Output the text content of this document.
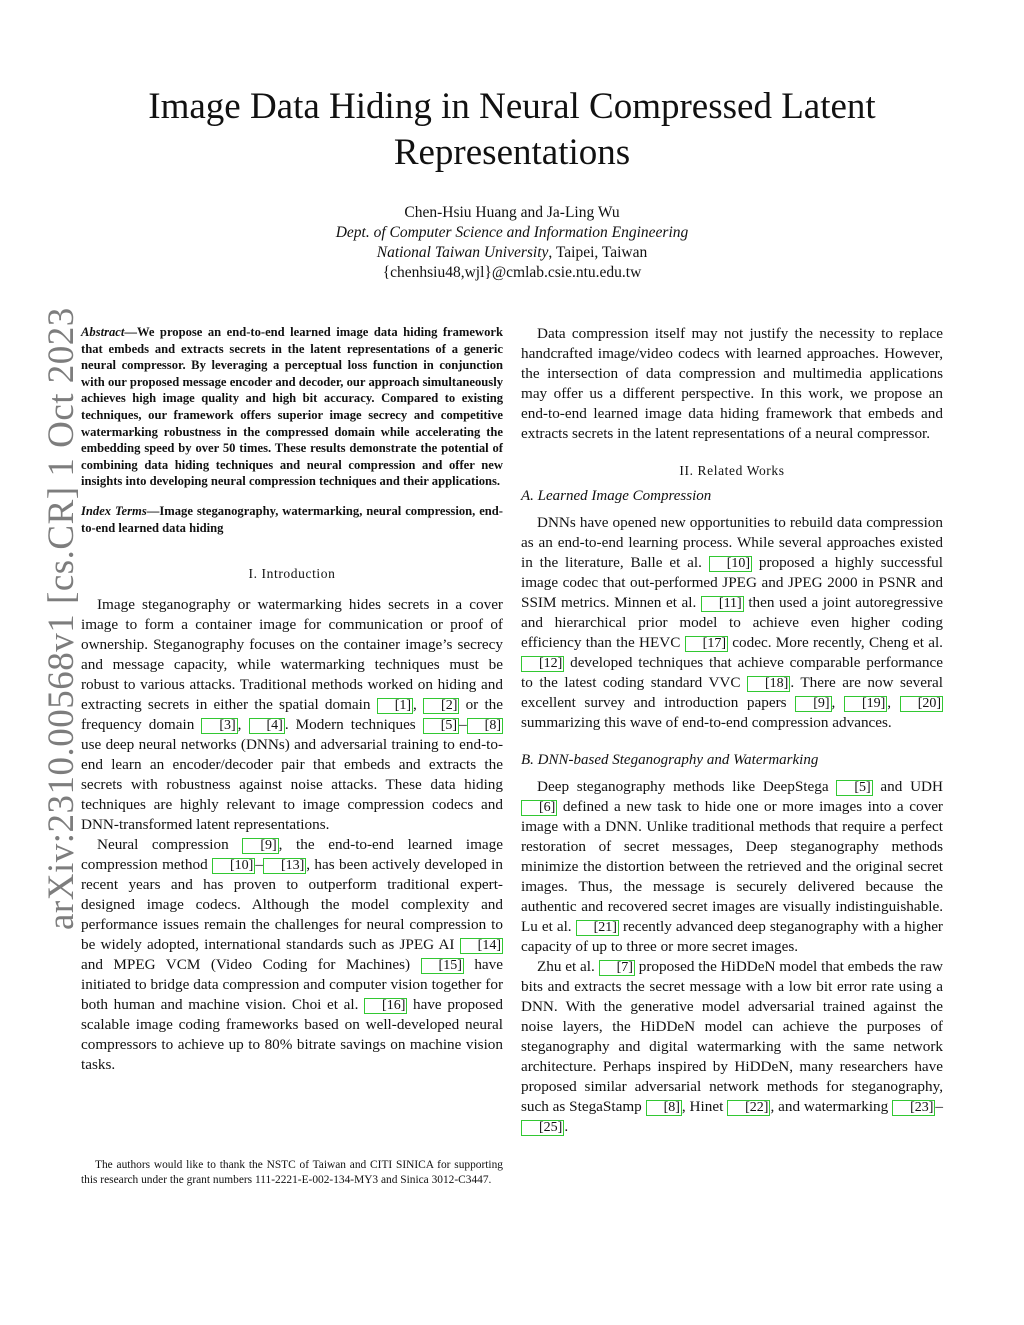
arXiv:2310.00568v1 [cs.CR] 1 Oct 2023
Image Data Hiding in Neural Compressed Latent
Representations
Chen-Hsiu Huang and Ja-Ling Wu
Dept. of Computer Science and Information Engineering
National Taiwan University, Taipei, Taiwan
{chenhsiu48,wjl}@cmlab.csie.ntu.edu.tw

Abstract—We propose an end-to-end learned image data hiding framework that embeds and extracts secrets in the latent representations of a generic neural compressor. By leveraging a perceptual loss function in conjunction with our proposed message encoder and decoder, our approach simultaneously achieves high image quality and high bit accuracy. Compared to existing techniques, our framework offers superior image secrecy and competitive watermarking robustness in the compressed domain while accelerating the embedding speed by over 50 times. These results demonstrate the potential of combining data hiding techniques and neural compression and offer new insights into developing neural compression techniques and their applications.

Index Terms—Image steganography, watermarking, neural compression, end-to-end learned data hiding

I. Introduction

Image steganography or watermarking hides secrets in a cover image to form a container image for communication or proof of ownership. Steganography focuses on the container image’s secrecy and message capacity, while watermarking techniques must be robust to various attacks. Traditional methods worked on hiding and extracting secrets in either the spatial domain [1] , [2] or the frequency domain [3] , [4] . Modern techniques [5] – [8] use deep neural networks (DNNs) and adversarial training to end-to-end learn an encoder/decoder pair that embeds and extracts the secrets with robustness against noise attacks. These data hiding techniques are highly relevant to image compression codecs and DNN-transformed latent representations.

Neural compression [9] , the end-to-end learned image compression method [10] – [13] , has been actively developed in recent years and has proven to outperform traditional expert-designed image codecs. Although the model complexity and performance issues remain the challenges for neural compression to be widely adopted, international standards such as JPEG AI [14] and MPEG VCM (Video Coding for Machines) [15] have initiated to bridge data compression and computer vision together for both human and machine vision. Choi et al. [16] have proposed scalable image coding frameworks based on well-developed neural compressors to achieve up to 80% bitrate savings on machine vision tasks.

The authors would like to thank the NSTC of Taiwan and CITI SINICA for supporting this research under the grant numbers 111-2221-E-002-134-MY3 and Sinica 3012-C3447.

Data compression itself may not justify the necessity to replace handcrafted image/video codecs with learned approaches. However, the intersection of data compression and multimedia applications may offer us a different perspective. In this work, we propose an end-to-end learned image data hiding framework that embeds and extracts secrets in the latent representations of a neural compressor.

II. Related Works

A. Learned Image Compression

DNNs have opened new opportunities to rebuild data compression as an end-to-end learning process. While several approaches existed in the literature, Balle et al. [10] proposed a highly successful image codec that out-performed JPEG and JPEG 2000 in PSNR and SSIM metrics. Minnen et al. [11] then used a joint autoregressive and hierarchical prior model to achieve even higher coding efficiency than the HEVC [17] codec. More recently, Cheng et al. [12] developed techniques that achieve comparable performance to the latest coding standard VVC [18] . There are now several excellent survey and introduction papers [9] , [19] , [20] summarizing this wave of end-to-end compression advances.

B. DNN-based Steganography and Watermarking

Deep steganography methods like DeepStega [5] and UDH [6] defined a new task to hide one or more images into a cover image with a DNN. Unlike traditional methods that require a perfect restoration of secret messages, Deep steganography methods minimize the distortion between the retrieved and the original secret images. Thus, the message is securely delivered because the authentic and recovered secret images are visually indistinguishable. Lu et al. [21] recently advanced deep steganography with a higher capacity of up to three or more secret images.

Zhu et al. [7] proposed the HiDDeN model that embeds the raw bits and extracts the secret message with a low bit error rate using a DNN. With the generative model adversarial trained against the noise layers, the HiDDeN model can achieve the purposes of steganography and digital watermarking with the same network architecture. Perhaps inspired by HiDDeN, many researchers have proposed similar adversarial network methods for steganography, such as StegaStamp [8] , Hinet [22] , and watermarking [23] –[25] .
